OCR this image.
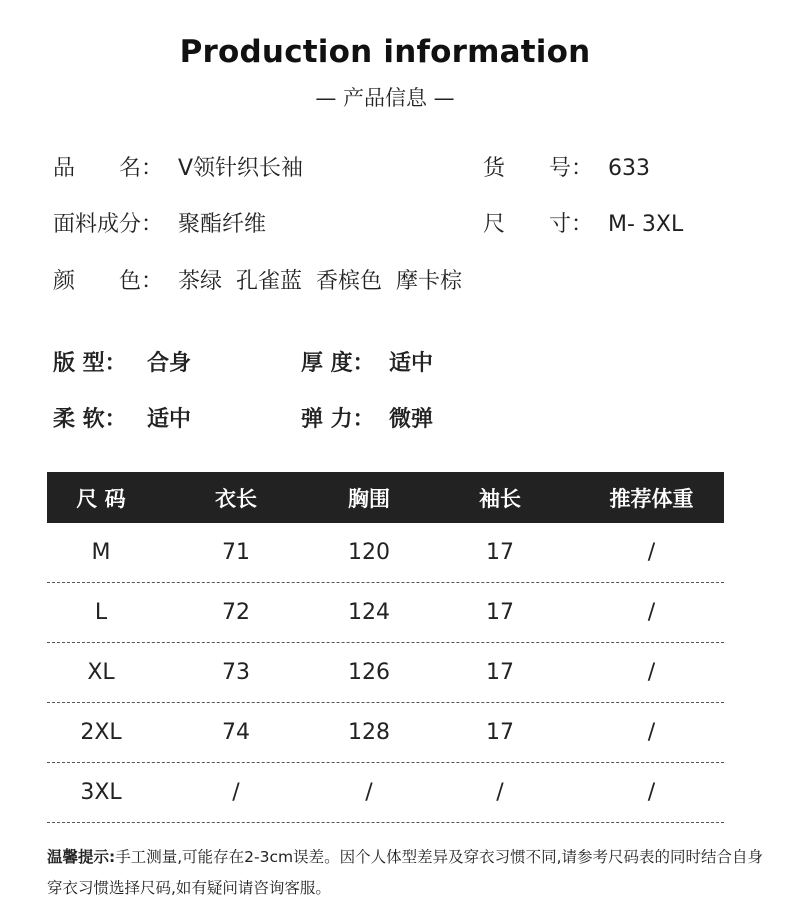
Production information
— 产品信息 —
品　　名： V领针织长袖	货　　号： 633
面料成分： 聚酯纤维	尺　　寸： M- 3XL
颜　　色： 茶绿  孔雀蓝  香槟色  摩卡棕
版 型： 合身	厚 度： 适中
柔 软： 适中	弹 力： 微弹
尺 码	衣长	胸围	袖长	推荐体重
M	71	120	17	/
L	72	124	17	/
XL	73	126	17	/
2XL	74	128	17	/
3XL	/	/	/	/
温馨提示:手工测量,可能存在2-3cm误差。因个人体型差异及穿衣习惯不同,请参考尺码表的同时结合自身穿衣习惯选择尺码,如有疑问请咨询客服。
